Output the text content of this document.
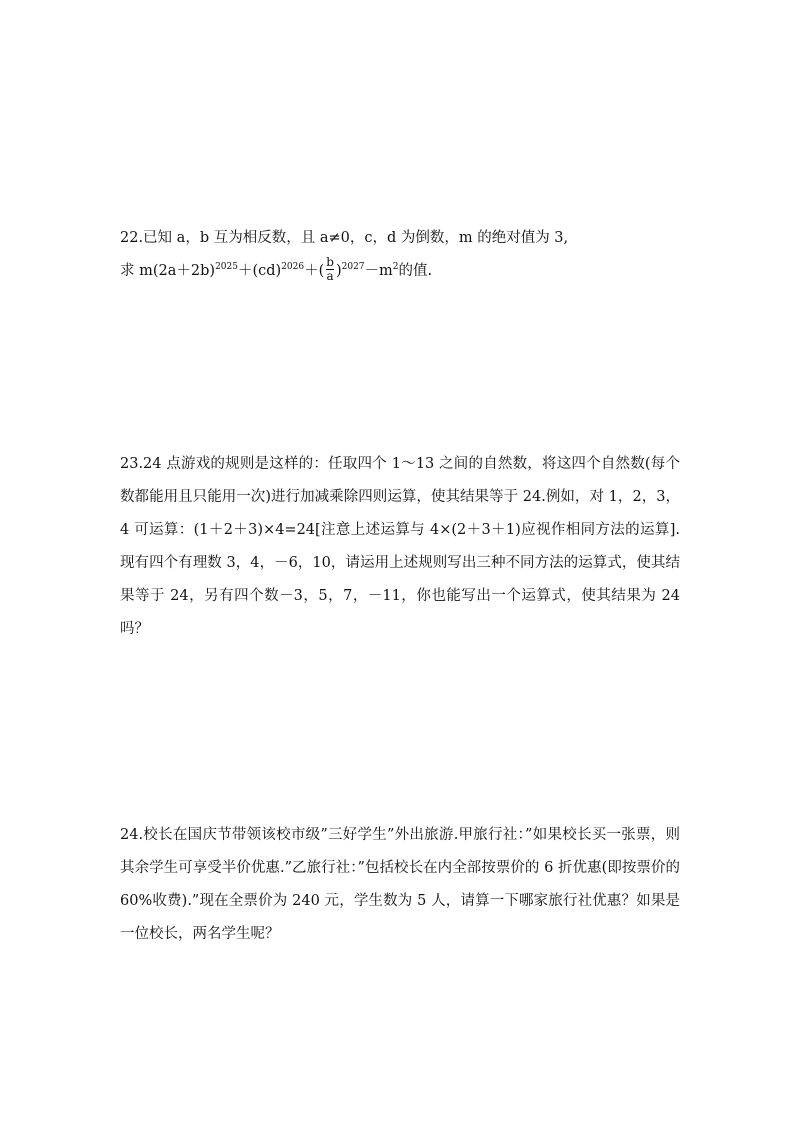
22.已知 a，b 互为相反数，且 a≠0，c，d 为倒数，m 的绝对值为 3,
求 $m(2a+2b)^{2025}+(cd)^{2026}+( \frac{b}{a} )^{2027}-m^2$的值.
23.24 点游戏的规则是这样的：任取四个 1～13 之间的自然数，将这四个自然数(每个数都能用且只能用一次)进行加减乘除四则运算，使其结果等于 24.例如，对 1，2，3，4 可运算：(1＋2＋3)×4=24[注意上述运算与 4×(2＋3＋1)应视作相同方法的运算].现有四个有理数 3，4，－6，10，请运用上述规则写出三种不同方法的运算式，使其结果等于 24，另有四个数－3，5，7，－11，你也能写出一个运算式，使其结果为 24 吗？
24.校长在国庆节带领该校市级”三好学生”外出旅游.甲旅行社：”如果校长买一张票，则其余学生可享受半价优惠.”乙旅行社：”包括校长在内全部按票价的 6 折优惠(即按票价的 60%收费).”现在全票价为 240 元，学生数为 5 人，请算一下哪家旅行社优惠？如果是一位校长，两名学生呢？
